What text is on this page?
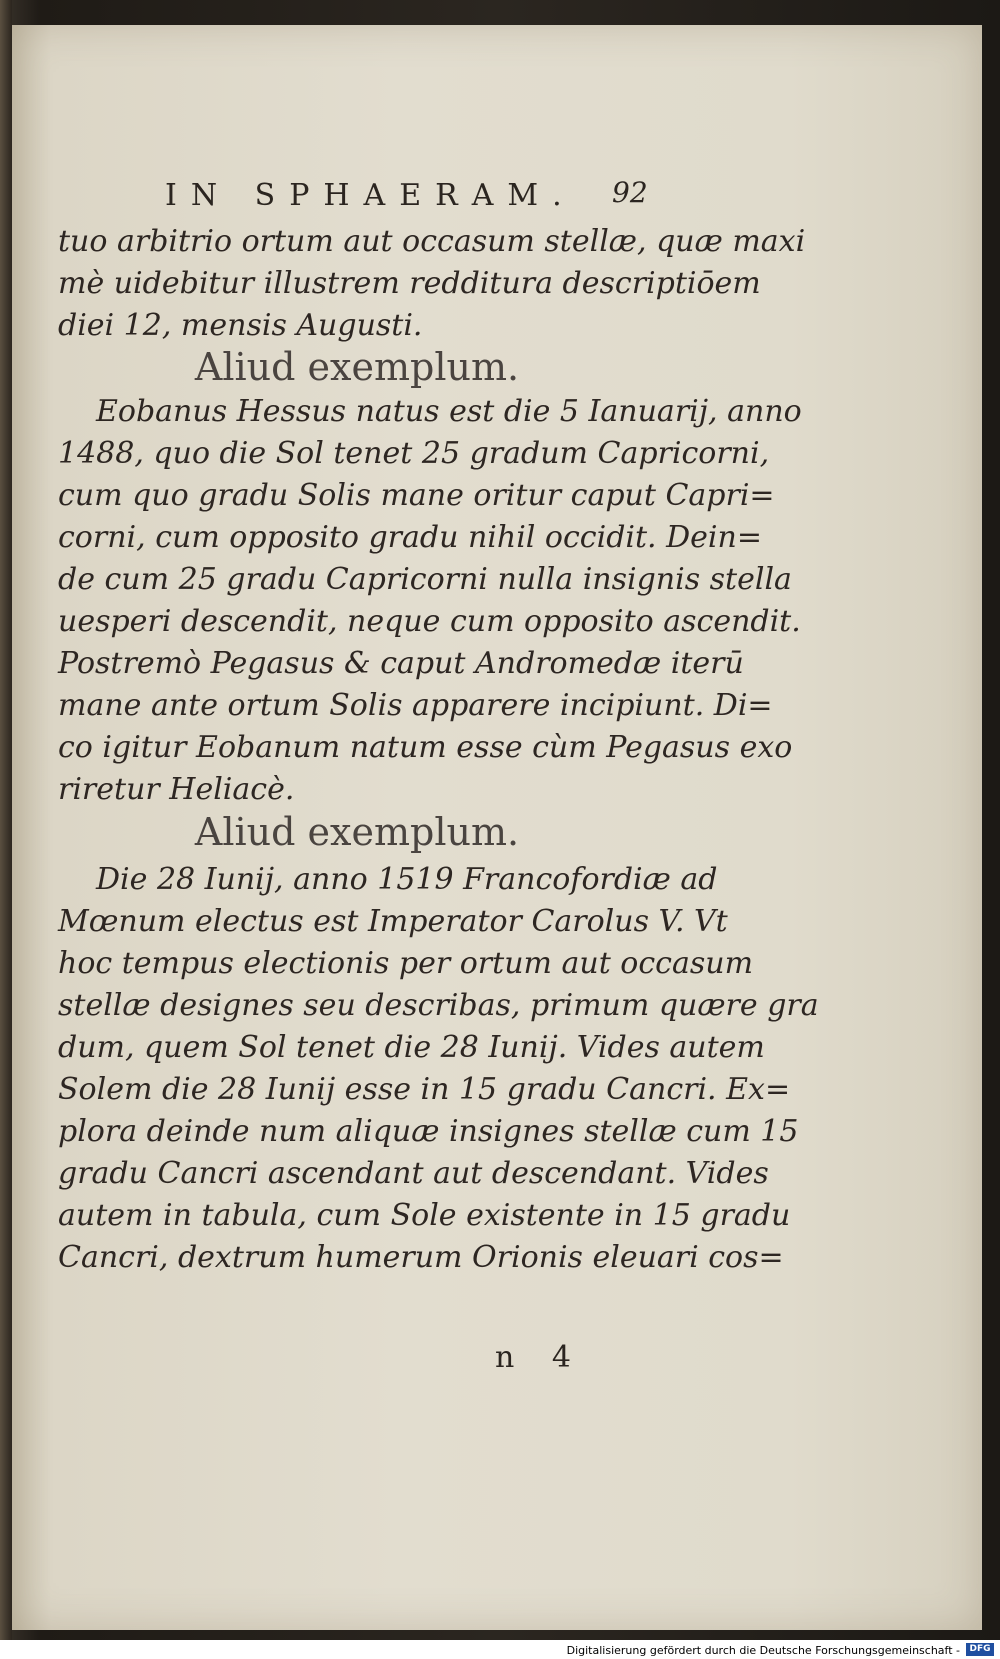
IN SPHAERAM.	92
tuo arbitrio ortum aut occasum stellæ, quæ maxi
mè uidebitur illustrem redditura descriptiōem
diei 12, mensis Augusti.
Aliud exemplum.
Eobanus Hessus natus est die 5 Ianuarij, anno
1488, quo die Sol tenet 25 gradum Capricorni,
cum quo gradu Solis mane oritur caput Capri=
corni, cum opposito gradu nihil occidit. Dein=
de cum 25 gradu Capricorni nulla insignis stella
uesperi descendit, neque cum opposito ascendit.
Postremò Pegasus & caput Andromedæ iterū
mane ante ortum Solis apparere incipiunt. Di=
co igitur Eobanum natum esse cùm Pegasus exo
riretur Heliacè.
Aliud exemplum.
Die 28 Iunij, anno 1519 Francofordiæ ad
Mœnum electus est Imperator Carolus V. Vt
hoc tempus electionis per ortum aut occasum
stellæ designes seu describas, primum quære gra
dum, quem Sol tenet die 28 Iunij. Vides autem
Solem die 28 Iunij esse in 15 gradu Cancri. Ex=
plora deinde num aliquæ insignes stellæ cum 15
gradu Cancri ascendant aut descendant. Vides
autem in tabula, cum Sole existente in 15 gradu
Cancri, dextrum humerum Orionis eleuari cos=
n 4
Digitalisierung gefördert durch die Deutsche Forschungsgemeinschaft -	DFG
